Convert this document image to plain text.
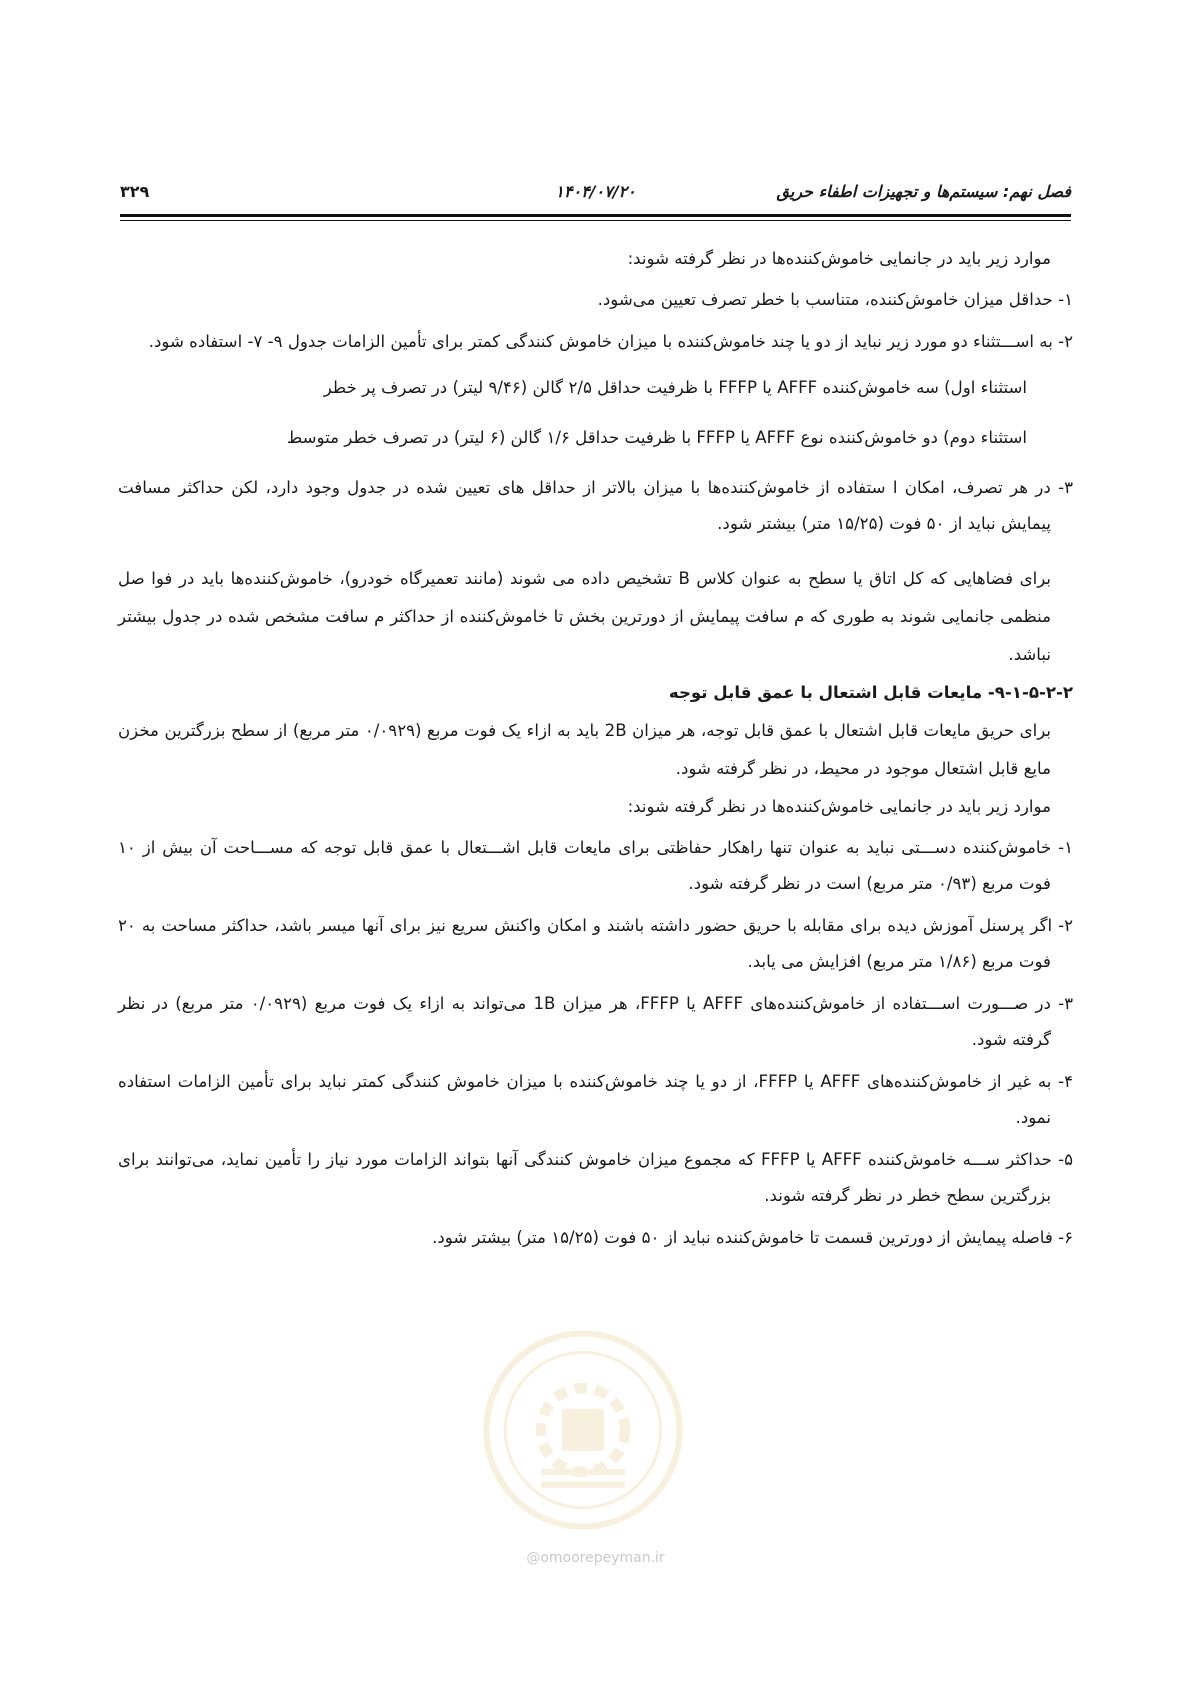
فصل نهم: سیستم‌ها و تجهیزات اطفاء حریق
۱۴۰۴/۰۷/۲۰
۳۲۹

موارد زیر باید در جانمایی خاموش‌کننده‌ها در نظر گرفته شوند:

۱- حداقل میزان خاموش‌کننده، متناسب با خطر تصرف تعیین می‌شود.

۲- به اســـتثناء دو مورد زیر نباید از دو یا چند خاموش‌کننده با میزان خاموش کنندگی کمتر برای تأمین الزامات جدول ۹- ۷- استفاده شود.

استثناء اول) سه خاموش‌کننده AFFF یا FFFP با ظرفیت حداقل ۲/۵ گالن (۹/۴۶ لیتر) در تصرف پر خطر

استثناء دوم) دو خاموش‌کننده نوع AFFF یا FFFP با ظرفیت حداقل ۱/۶ گالن (۶ لیتر) در تصرف خطر متوسط

۳- در هر تصرف، امکان ا ستفاده از خاموش‌کننده‌ها با میزان بالاتر از حداقل های تعیین شده در جدول وجود دارد، لکن حداکثر مسافت پیمایش نباید از ۵۰ فوت (۱۵/۲۵ متر) بیشتر شود.

برای فضاهایی که کل اتاق یا سطح به عنوان کلاس B تشخیص داده می شوند (مانند تعمیرگاه خودرو)، خاموش‌کننده‌ها باید در فوا صل منظمی جانمایی شوند به طوری که م سافت پیمایش از دورترین بخش تا خاموش‌کننده از حداکثر م سافت مشخص شده در جدول بیشتر نباشد.

۹-۱-۵-۲-۲- مایعات قابل اشتعال با عمق قابل توجه

برای حریق مایعات قابل اشتعال با عمق قابل توجه، هر میزان 2B باید به ازاء یک فوت مربع (۰/۰۹۲۹ متر مربع) از سطح بزرگترین مخزن مایع قابل اشتعال موجود در محیط، در نظر گرفته شود.

موارد زیر باید در جانمایی خاموش‌کننده‌ها در نظر گرفته شوند:

۱- خاموش‌کننده دســـتی نباید به عنوان تنها راهکار حفاظتی برای مایعات قابل اشـــتعال با عمق قابل توجه که مســـاحت آن بیش از ۱۰ فوت مربع (۰/۹۳ متر مربع) است در نظر گرفته شود.

۲- اگر پرسنل آموزش دیده برای مقابله با حریق حضور داشته باشند و امکان واکنش سریع نیز برای آنها میسر باشد، حداکثر مساحت به ۲۰ فوت مربع (۱/۸۶ متر مربع) افزایش می یابد.

۳- در صـــورت اســـتفاده از خاموش‌کننده‌های AFFF یا FFFP، هر میزان 1B می‌تواند به ازاء یک فوت مربع (۰/۰۹۲۹ متر مربع) در نظر گرفته شود.

۴- به غیر از خاموش‌کننده‌های AFFF یا FFFP، از دو یا چند خاموش‌کننده با میزان خاموش کنندگی کمتر نباید برای تأمین الزامات استفاده نمود.

۵- حداکثر ســـه خاموش‌کننده AFFF یا FFFP که مجموع میزان خاموش کنندگی آنها بتواند الزامات مورد نیاز را تأمین نماید، می‌توانند برای بزرگترین سطح خطر در نظر گرفته شوند.

۶- فاصله پیمایش از دورترین قسمت تا خاموش‌کننده نباید از ۵۰ فوت (۱۵/۲۵ متر) بیشتر شود.

@omoorepeyman.ir
